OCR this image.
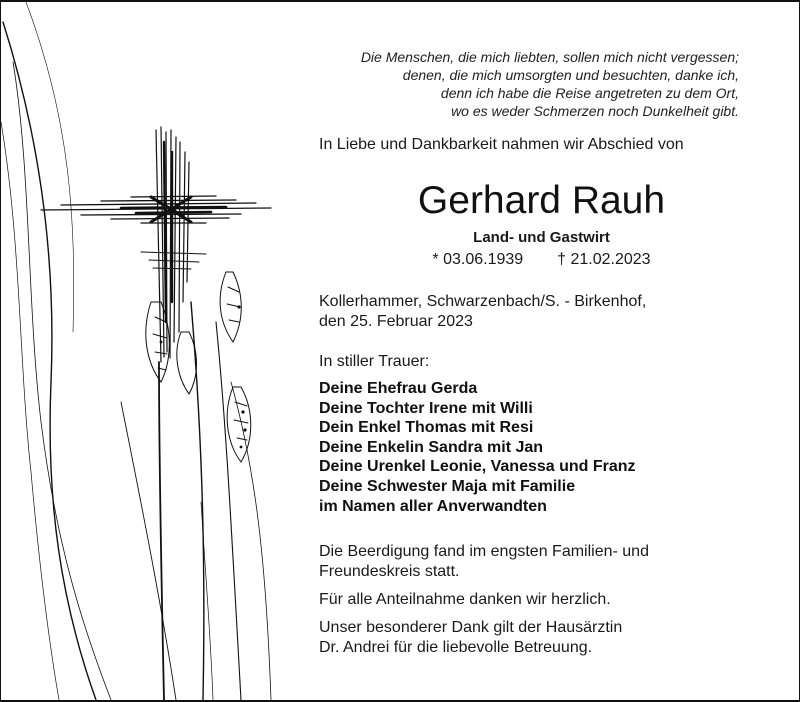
Die Menschen, die mich liebten, sollen mich nicht vergessen;
denen, die mich umsorgten und besuchten, danke ich,
denn ich habe die Reise angetreten zu dem Ort,
wo es weder Schmerzen noch Dunkelheit gibt.
In Liebe und Dankbarkeit nahmen wir Abschied von
Gerhard Rauh
Land- und Gastwirt
* 03.06.1939 † 21.02.2023
Kollerhammer, Schwarzenbach/S. - Birkenhof,
den 25. Februar 2023
In stiller Trauer:
Deine Ehefrau Gerda
Deine Tochter Irene mit Willi
Dein Enkel Thomas mit Resi
Deine Enkelin Sandra mit Jan
Deine Urenkel Leonie, Vanessa und Franz
Deine Schwester Maja mit Familie
im Namen aller Anverwandten

Die Beerdigung fand im engsten Familien- und
Freundeskreis statt.

Für alle Anteilnahme danken wir herzlich.

Unser besonderer Dank gilt der Hausärztin
Dr. Andrei für die liebevolle Betreuung.
